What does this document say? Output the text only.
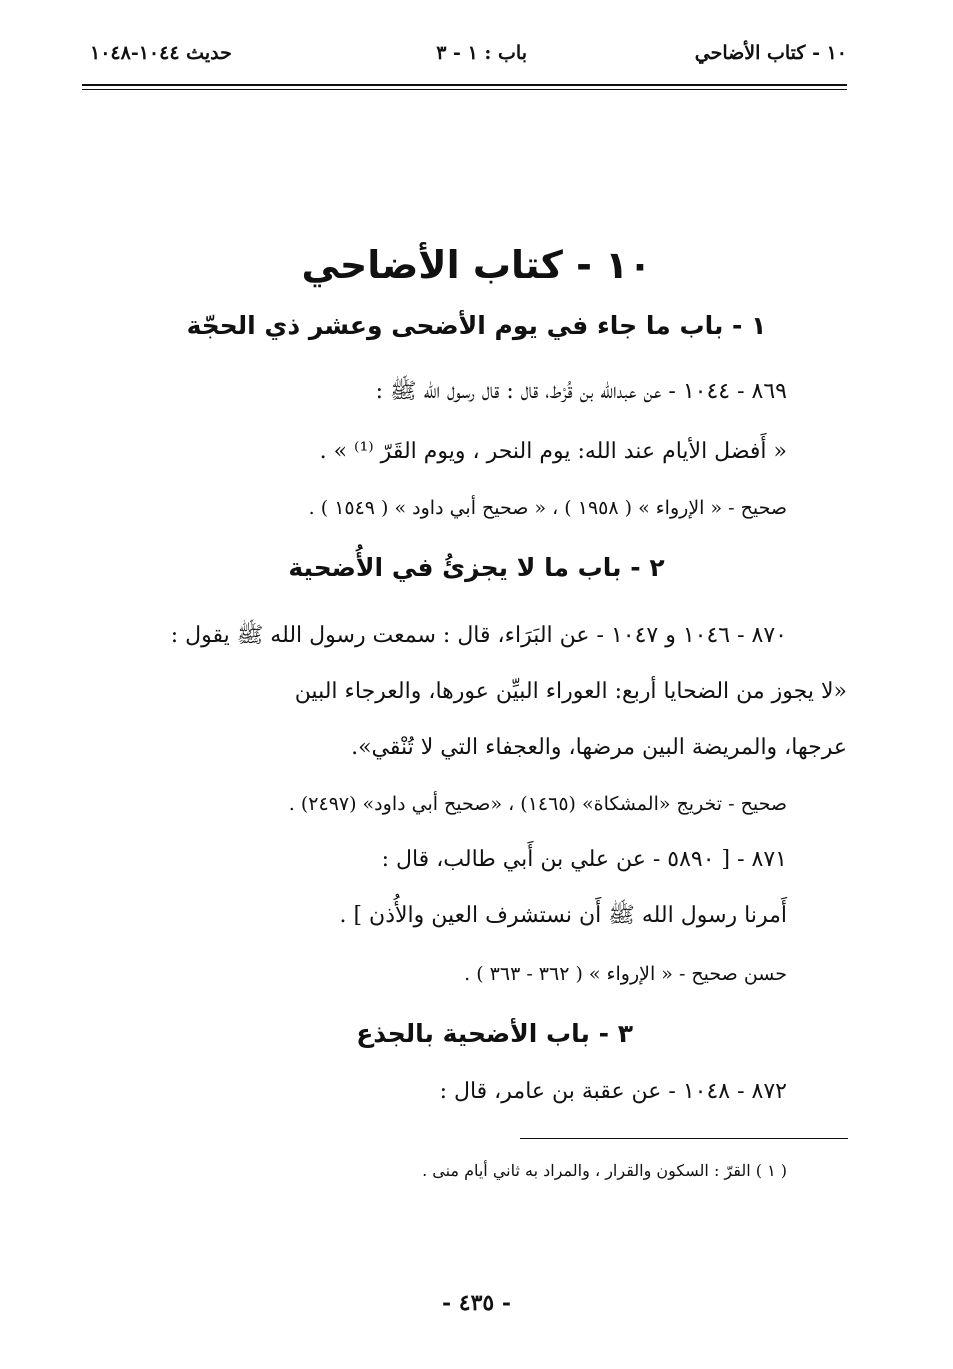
١٠ - كتاب الأضاحي
باب : ١ - ٣
حديث ١٠٤٤-١٠٤٨
١٠ - كتاب الأضاحي
١ - باب ما جاء في يوم الأضحى وعشر ذي الحجّة
٨٦٩ - ١٠٤٤ - عن عبدالله بن قُرْط، قال : قال رسول الله ﷺ :
« أَفضل الأيام عند الله: يوم النحر ، ويوم القَرّ ⁽¹⁾ » .
صحيح - « الإرواء » ( ١٩٥٨ ) ، « صحيح أبي داود » ( ١٥٤٩ ) .
٢ - باب ما لا يجزئُ في الأُضحية
٨٧٠ - ١٠٤٦ و ١٠٤٧ - عن البَرَاء، قال : سمعت رسول الله ﷺ يقول :
«لا يجوز من الضحايا أربع: العوراء البيِّن عورها، والعرجاء البين
عرجها، والمريضة البين مرضها، والعجفاء التي لا تُنْقي».
صحيح - تخريج «المشكاة» (١٤٦٥) ، «صحيح أبي داود» (٢٤٩٧) .
٨٧١ - [ ٥٨٩٠ - عن علي بن أَبي طالب، قال :
أَمرنا رسول الله ﷺ أَن نستشرف العين والأُذن ] .
حسن صحيح - « الإرواء » ( ٣٦٢ - ٣٦٣ ) .
٣ - باب الأضحية بالجذع
٨٧٢ - ١٠٤٨ - عن عقبة بن عامر، قال :
( ١ ) القرّ : السكون والقرار ، والمراد به ثاني أيام منى .
- ٤٣٥ -
